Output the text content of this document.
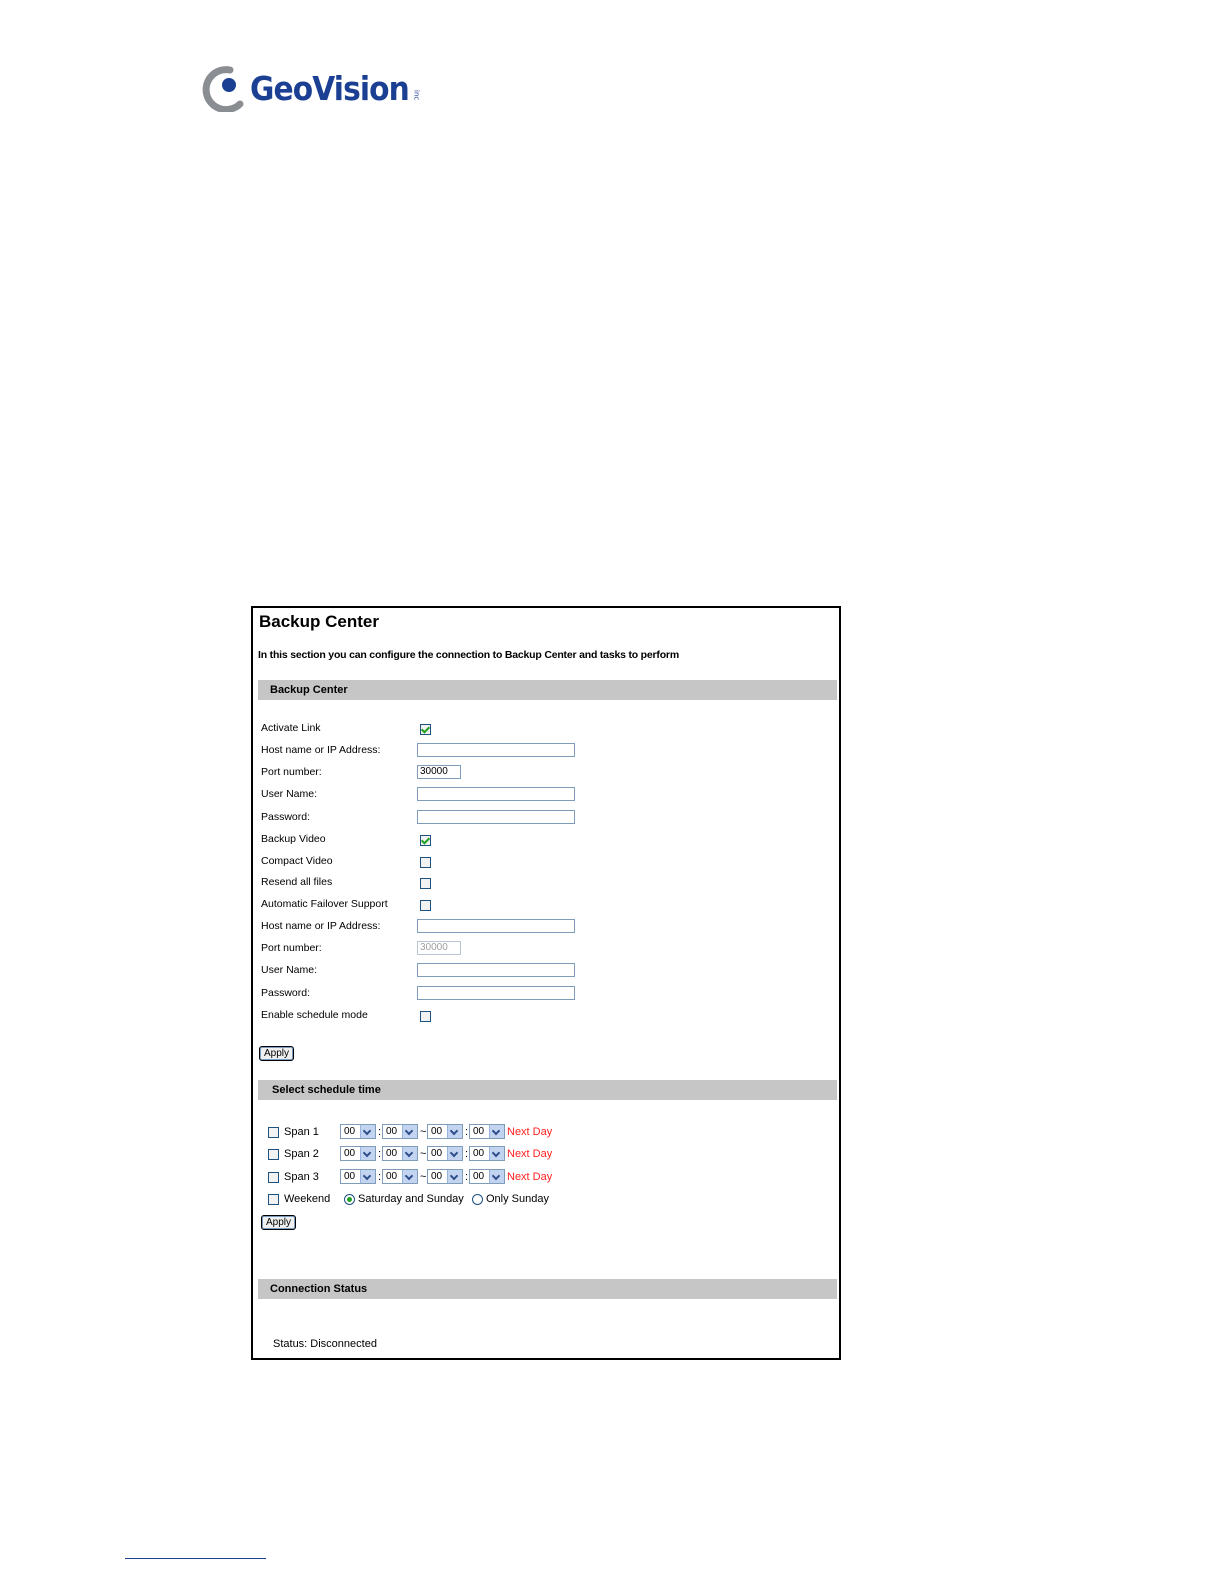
GeoVision inc
Backup Center
In this section you can configure the connection to Backup Center and tasks to perform
Backup Center
Activate Link
Host name or IP Address:
Port number:	30000
User Name:
Password:
Backup Video
Compact Video
Resend all files
Automatic Failover Support
Host name or IP Address:
Port number:	30000
User Name:
Password:
Enable schedule mode
Apply
Select schedule time
Span 1	00	: 00	~ 00	: 00	Next Day
Span 2	00	: 00	~ 00	: 00	Next Day
Span 3	00	: 00	~ 00	: 00	Next Day
Weekend	Saturday and Sunday Only Sunday
Apply
Connection Status
Status: Disconnected
